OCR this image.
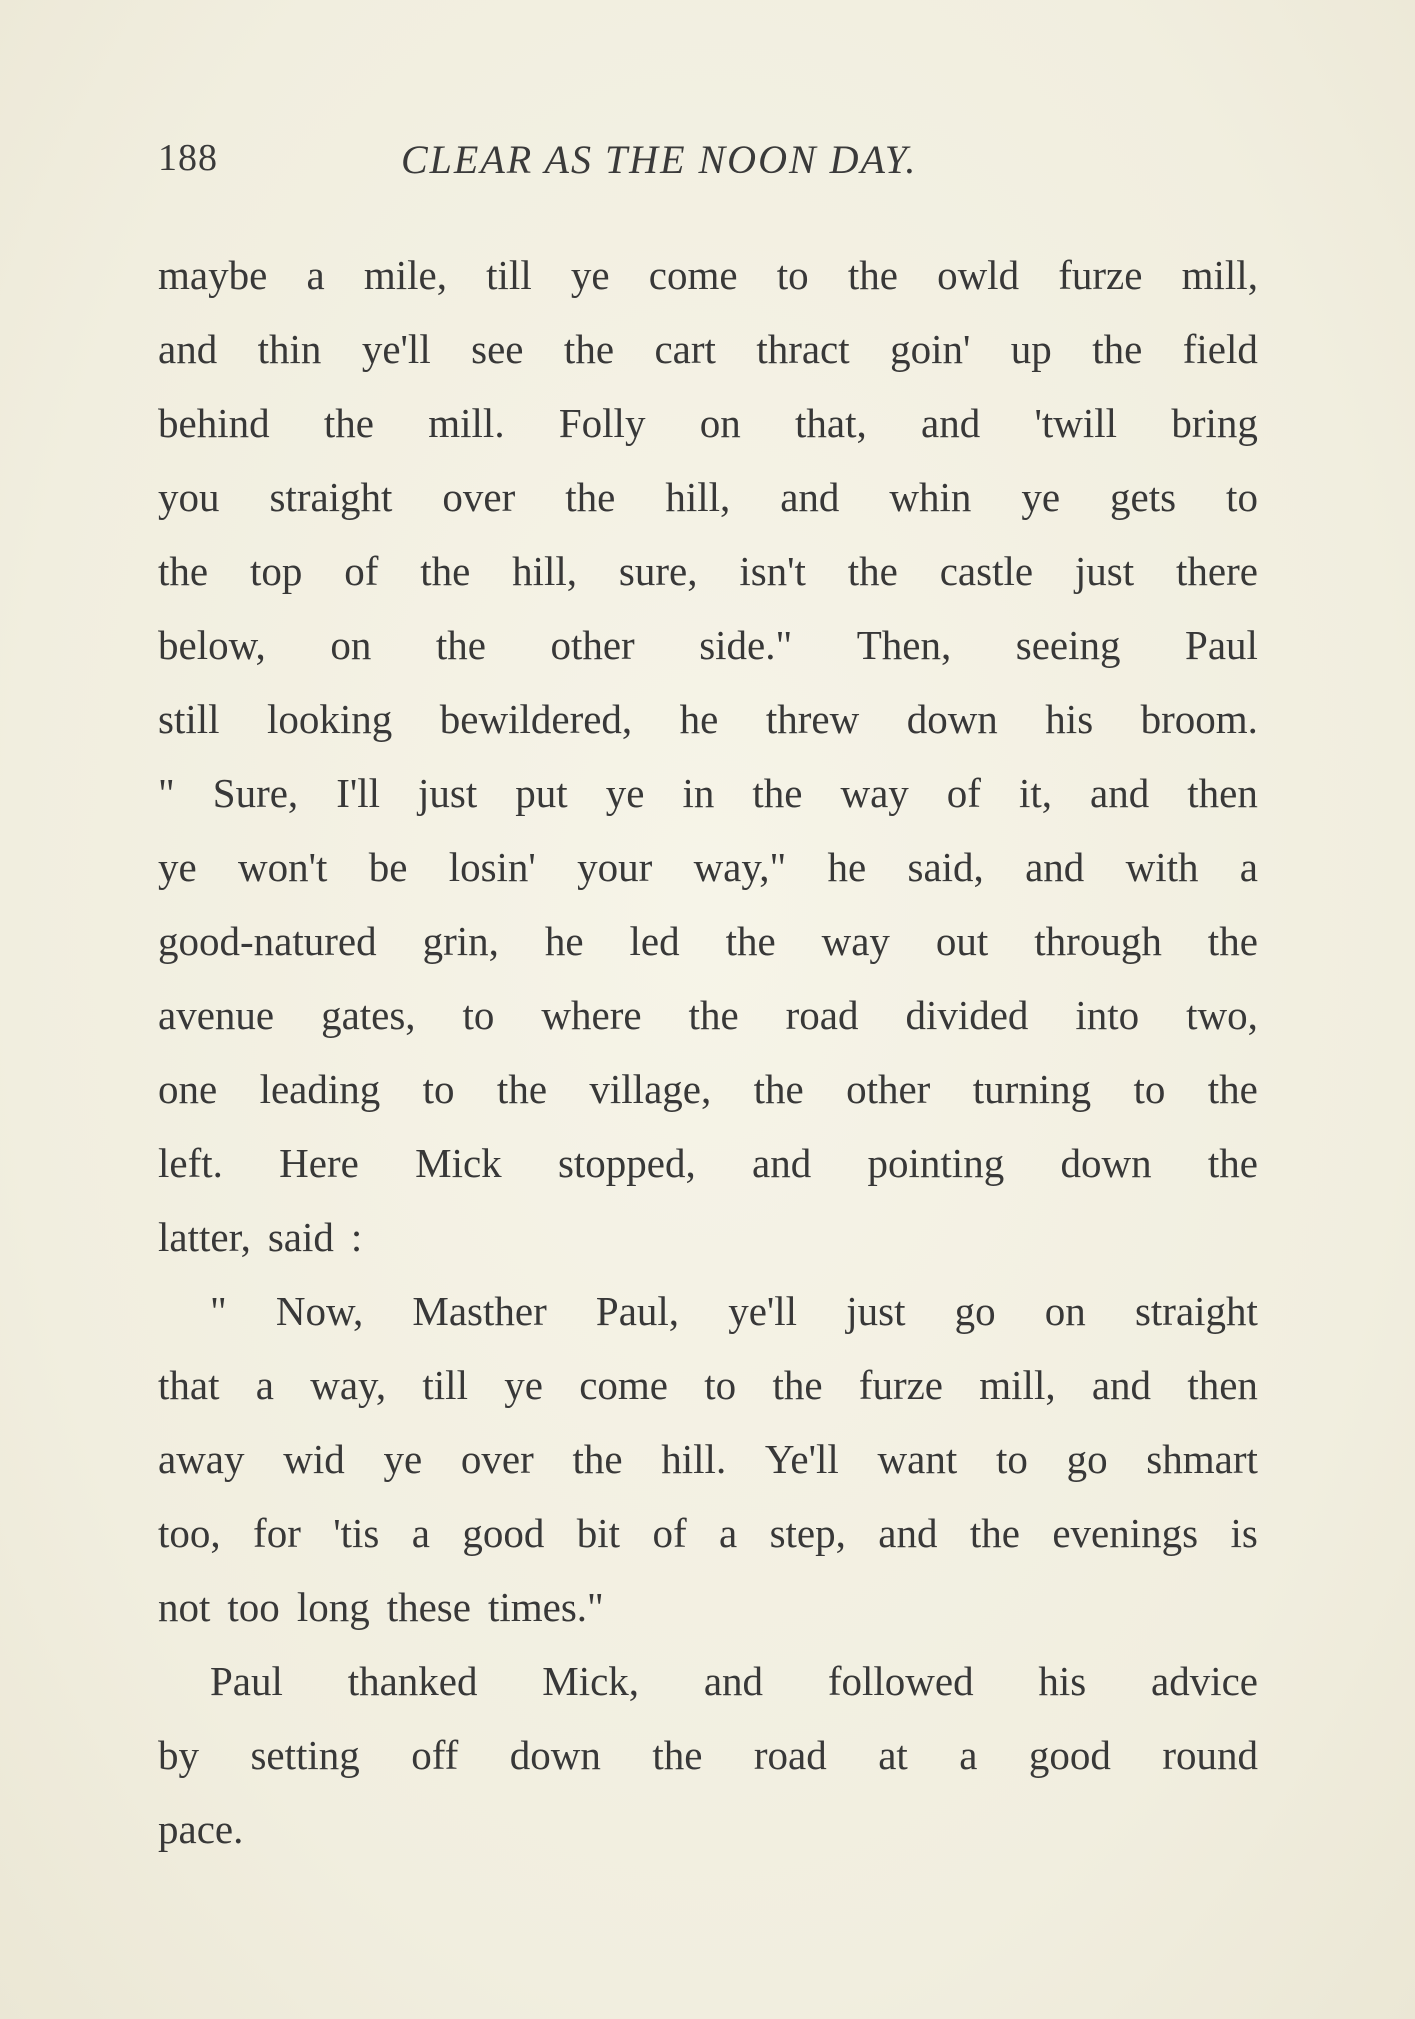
188	CLEAR AS THE NOON DAY.
maybe a mile, till ye come to the owld furze mill,
and thin ye'll see the cart thract goin' up the field
behind the mill. Folly on that, and 'twill bring
you straight over the hill, and whin ye gets to
the top of the hill, sure, isn't the castle just there
below, on the other side." Then, seeing Paul
still looking bewildered, he threw down his broom.
" Sure, I'll just put ye in the way of it, and then
ye won't be losin' your way," he said, and with a
good-natured grin, he led the way out through the
avenue gates, to where the road divided into two,
one leading to the village, the other turning to the
left. Here Mick stopped, and pointing down the
latter, said :
" Now, Masther Paul, ye'll just go on straight
that a way, till ye come to the furze mill, and then
away wid ye over the hill. Ye'll want to go shmart
too, for 'tis a good bit of a step, and the evenings is
not too long these times."
Paul thanked Mick, and followed his advice
by setting off down the road at a good round
pace.
